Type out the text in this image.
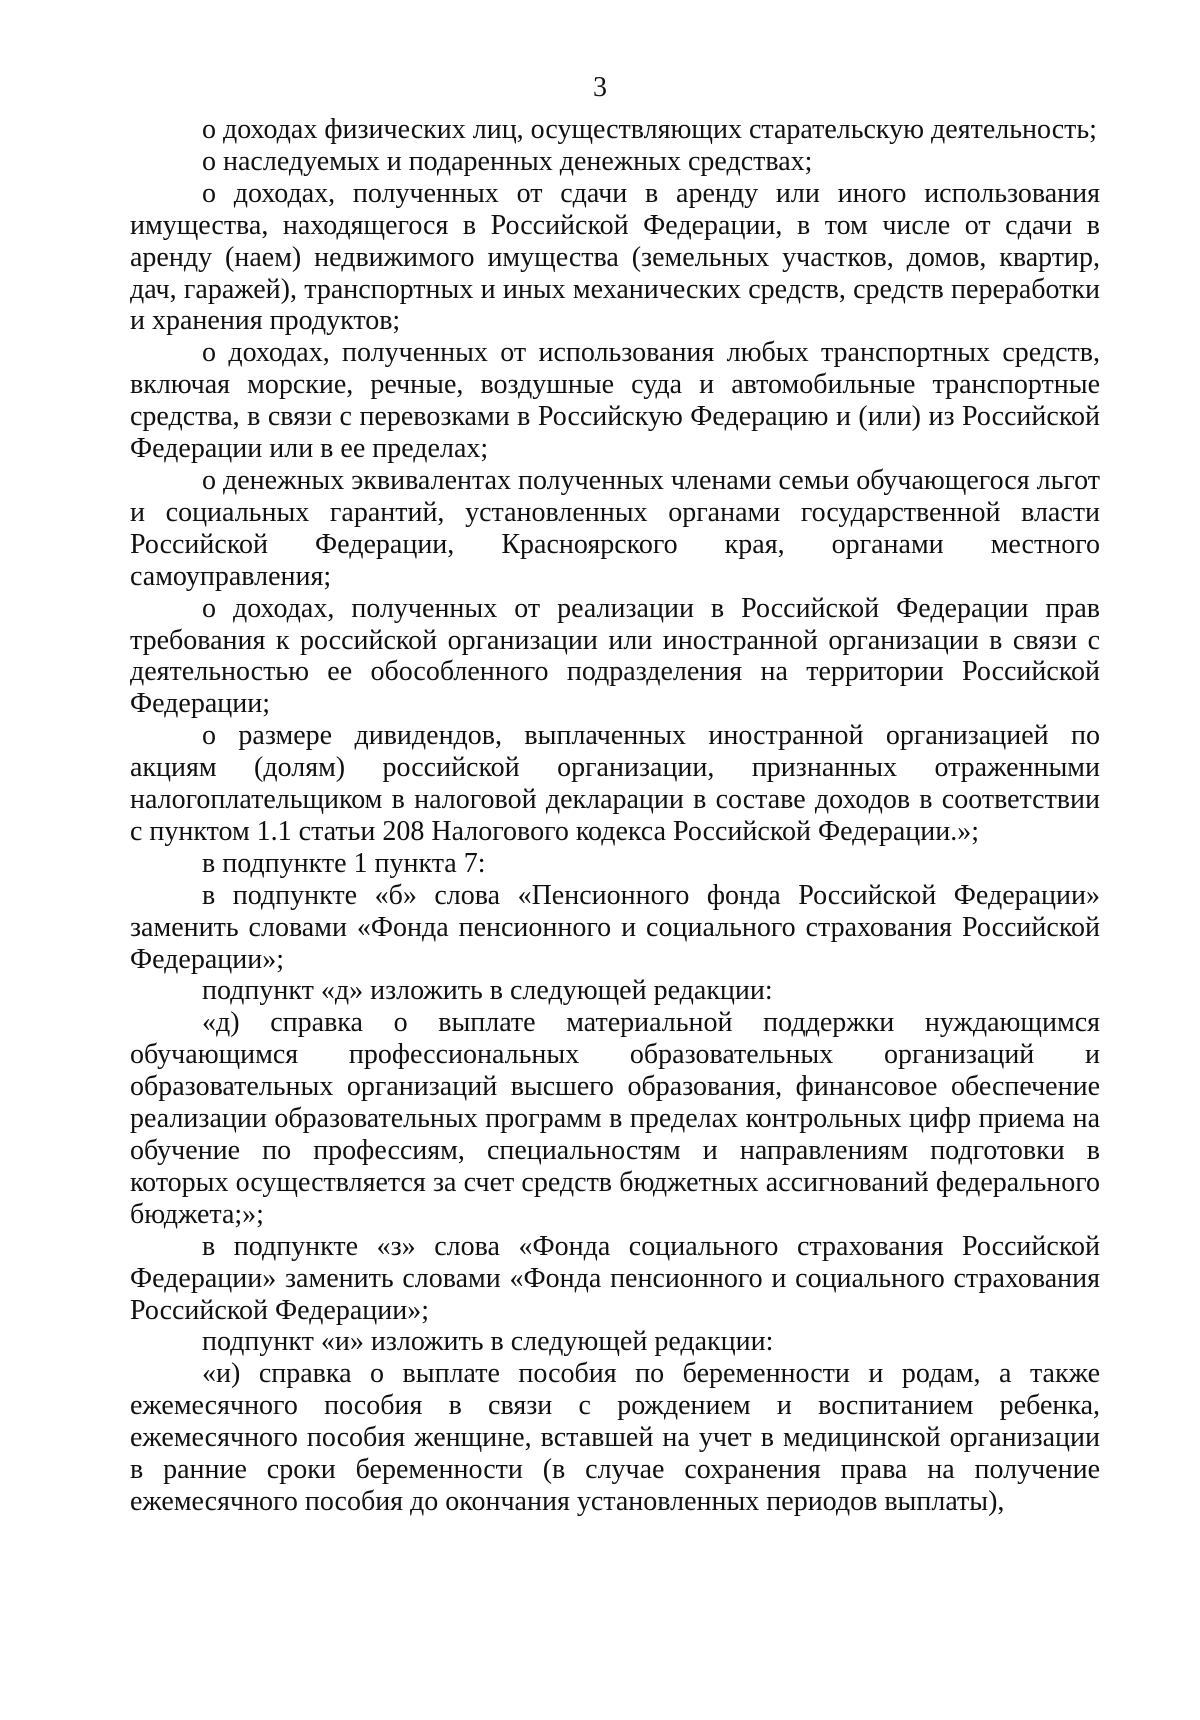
3

о доходах физических лиц, осуществляющих старательскую деятельность;

о наследуемых и подаренных денежных средствах;

о доходах, полученных от сдачи в аренду или иного использования имущества, находящегося в Российской Федерации, в том числе от сдачи в аренду (наем) недвижимого имущества (земельных участков, домов, квартир, дач, гаражей), транспортных и иных механических средств, средств переработки и хранения продуктов;

о доходах, полученных от использования любых транспортных средств, включая морские, речные, воздушные суда и автомобильные транспортные средства, в связи с перевозками в Российскую Федерацию и (или) из Российской Федерации или в ее пределах;

о денежных эквивалентах полученных членами семьи обучающегося льгот и социальных гарантий, установленных органами государственной власти Российской Федерации, Красноярского края, органами местного самоуправления;

о доходах, полученных от реализации в Российской Федерации прав требования к российской организации или иностранной организации в связи с деятельностью ее обособленного подразделения на территории Российской Федерации;

о размере дивидендов, выплаченных иностранной организацией по акциям (долям) российской организации, признанных отраженными налогоплательщиком в налоговой декларации в составе доходов в соответствии с пунктом 1.1 статьи 208 Налогового кодекса Российской Федерации.»;

в подпункте 1 пункта 7:

в подпункте «б» слова «Пенсионного фонда Российской Федерации» заменить словами «Фонда пенсионного и социального страхования Российской Федерации»;

подпункт «д» изложить в следующей редакции:

«д) справка о выплате материальной поддержки нуждающимся обучающимся профессиональных образовательных организаций и образовательных организаций высшего образования, финансовое обеспечение реализации образовательных программ в пределах контрольных цифр приема на обучение по профессиям, специальностям и направлениям подготовки в которых осуществляется за счет средств бюджетных ассигнований федерального бюджета;»;

в подпункте «з» слова «Фонда социального страхования Российской Федерации» заменить словами «Фонда пенсионного и социального страхования Российской Федерации»;

подпункт «и» изложить в следующей редакции:

«и) справка о выплате пособия по беременности и родам, а также ежемесячного пособия в связи с рождением и воспитанием ребенка, ежемесячного пособия женщине, вставшей на учет в медицинской организации в ранние сроки беременности (в случае сохранения права на получение ежемесячного пособия до окончания установленных периодов выплаты),
